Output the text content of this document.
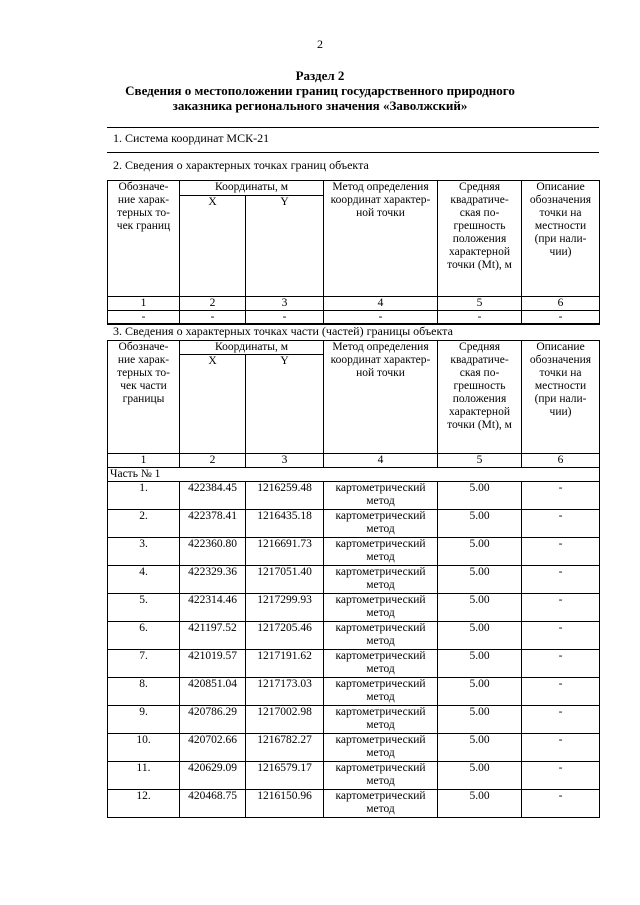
2
Раздел 2
Сведения о местоположении границ государственного природного
заказника регионального значения «Заволжский»
1. Система координат МСК-21
2. Сведения о характерных точках границ объекта
Обозначе-ние харак-терных то-чек границ	Координаты, м		Метод определения координат характер-ной точки	Средняя квадратиче-ская по-грешность положения характерной точки (Mt), м	Описание обозначения точки на местности (при нали-чии)
	X	Y			
1	2	3	4	5	6
-	-	-	-	-	-
3. Сведения о характерных точках части (частей) границы объекта
Обозначе-ние харак-терных то-чек части границы	Координаты, м		Метод определения координат характер-ной точки	Средняя квадратиче-ская по-грешность положения характерной точки (Mt), м	Описание обозначения точки на местности (при нали-чии)
	X	Y			
1	2	3	4	5	6
Часть № 1					
1.	422384.45	1216259.48	картометрический метод	5.00	-
2.	422378.41	1216435.18	картометрический метод	5.00	-
3.	422360.80	1216691.73	картометрический метод	5.00	-
4.	422329.36	1217051.40	картометрический метод	5.00	-
5.	422314.46	1217299.93	картометрический метод	5.00	-
6.	421197.52	1217205.46	картометрический метод	5.00	-
7.	421019.57	1217191.62	картометрический метод	5.00	-
8.	420851.04	1217173.03	картометрический метод	5.00	-
9.	420786.29	1217002.98	картометрический метод	5.00	-
10.	420702.66	1216782.27	картометрический метод	5.00	-
11.	420629.09	1216579.17	картометрический метод	5.00	-
12.	420468.75	1216150.96	картометрический метод	5.00	-
